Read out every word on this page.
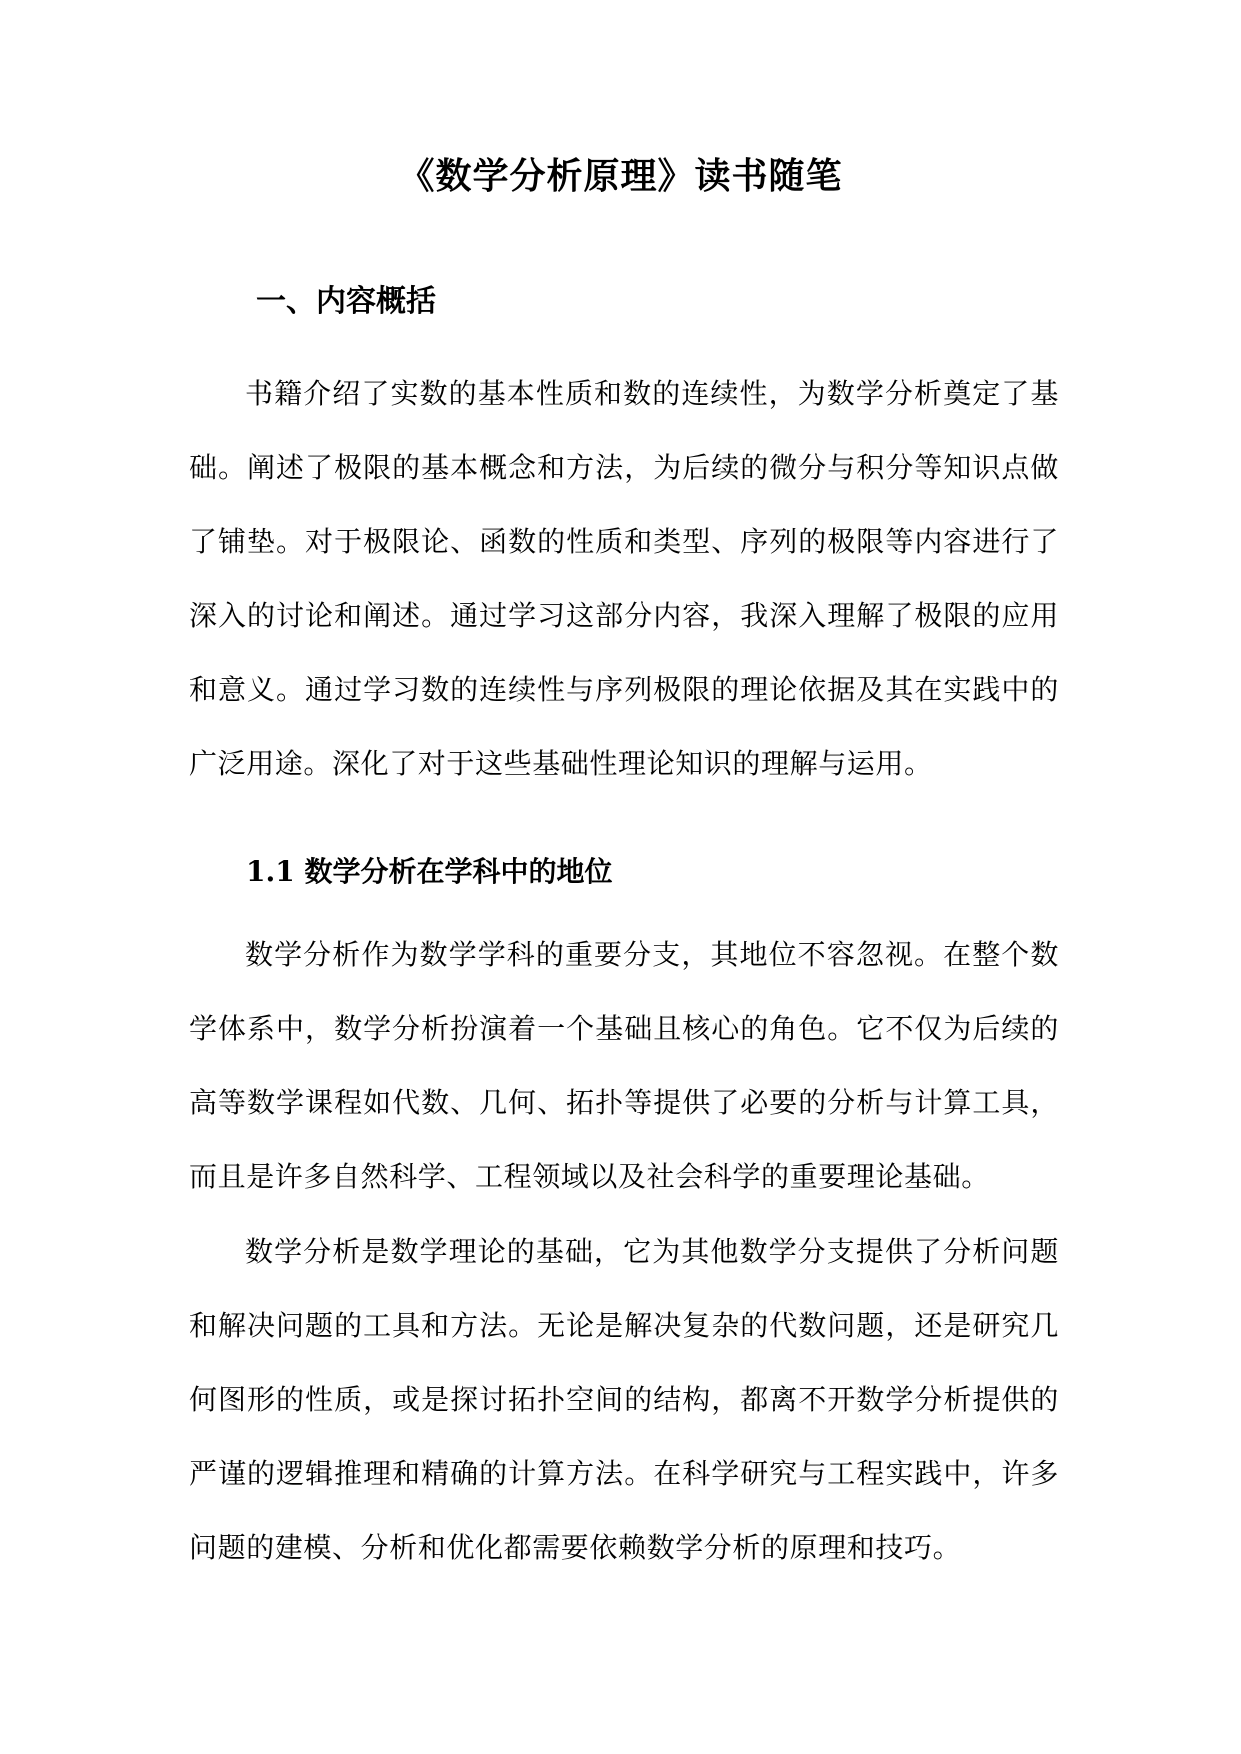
《数学分析原理》读书随笔
一、内容概括

书籍介绍了实数的基本性质和数的连续性，为数学分析奠定了基础。阐述了极限的基本概念和方法，为后续的微分与积分等知识点做了铺垫。对于极限论、函数的性质和类型、序列的极限等内容进行了深入的讨论和阐述。通过学习这部分内容，我深入理解了极限的应用和意义。通过学习数的连续性与序列极限的理论依据及其在实践中的广泛用途。深化了对于这些基础性理论知识的理解与运用。

1.1 数学分析在学科中的地位

数学分析作为数学学科的重要分支，其地位不容忽视。在整个数学体系中，数学分析扮演着一个基础且核心的角色。它不仅为后续的高等数学课程如代数、几何、拓扑等提供了必要的分析与计算工具，而且是许多自然科学、工程领域以及社会科学的重要理论基础。

数学分析是数学理论的基础，它为其他数学分支提供了分析问题和解决问题的工具和方法。无论是解决复杂的代数问题，还是研究几何图形的性质，或是探讨拓扑空间的结构，都离不开数学分析提供的严谨的逻辑推理和精确的计算方法。在科学研究与工程实践中，许多问题的建模、分析和优化都需要依赖数学分析的原理和技巧。
